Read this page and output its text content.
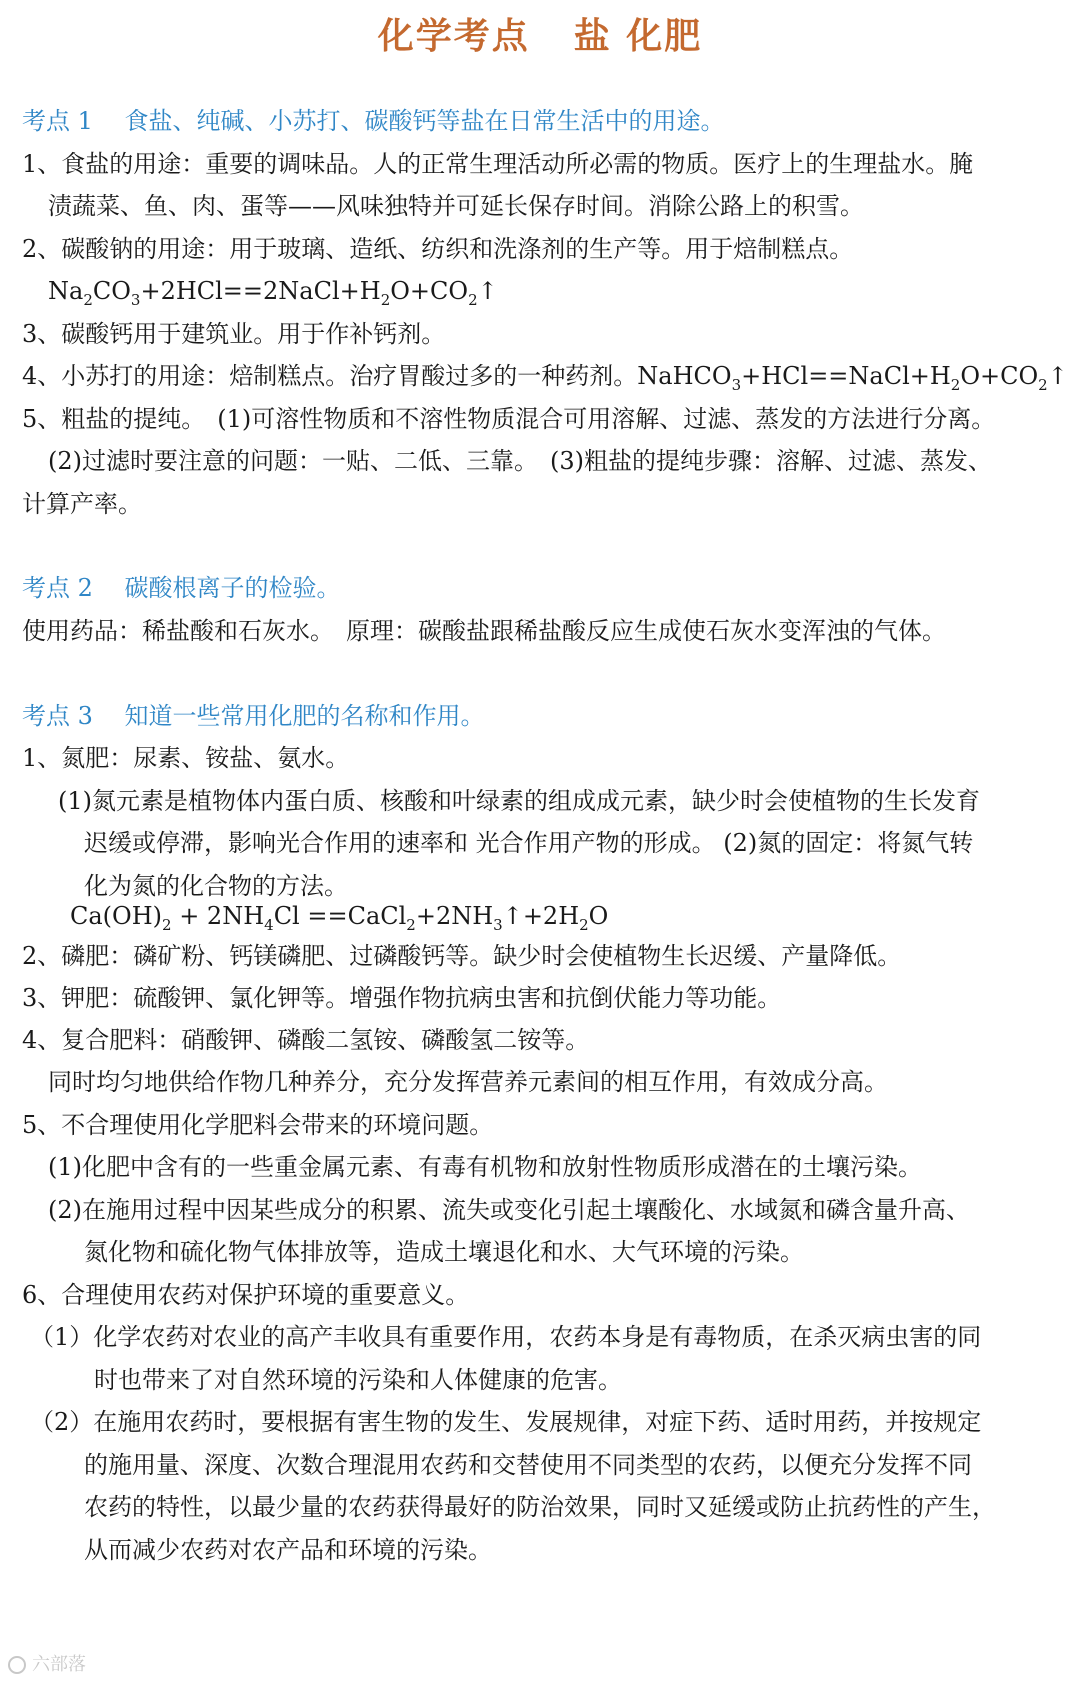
化学考点 盐 化肥
考点 1　 食盐、纯碱、小苏打、碳酸钙等盐在日常生活中的用途。
1、食盐的用途：重要的调味品。人的正常生理活动所必需的物质。医疗上的生理盐水。腌
渍蔬菜、鱼、肉、蛋等——风味独特并可延长保存时间。消除公路上的积雪。
2、碳酸钠的用途：用于玻璃、造纸、纺织和洗涤剂的生产等。用于焙制糕点。
$Na_2CO_3+2HCl==2NaCl+H_2O+CO_2↑$
3、碳酸钙用于建筑业。用于作补钙剂。
4、小苏打的用途：焙制糕点。治疗胃酸过多的一种药剂。$NaHCO_3+HCl==NaCl+H_2O+CO_2↑$
5、粗盐的提纯。　(1)可溶性物质和不溶性物质混合可用溶解、过滤、蒸发的方法进行分离。
(2)过滤时要注意的问题：一贴、二低、三靠。　(3)粗盐的提纯步骤：溶解、过滤、蒸发、
计算产率。
考点 2　 碳酸根离子的检验。
使用药品：稀盐酸和石灰水。　原理：碳酸盐跟稀盐酸反应生成使石灰水变浑浊的气体。
考点 3　 知道一些常用化肥的名称和作用。
1、氮肥：尿素、铵盐、氨水。
(1)氮元素是植物体内蛋白质、核酸和叶绿素的组成成元素，缺少时会使植物的生长发育
迟缓或停滞，影响光合作用的速率和 光合作用产物的形成。 (2)氮的固定：将氮气转
化为氮的化合物的方法。
$Ca(OH)_2 + 2NH_4Cl$ $==CaCl_2+2NH_3↑+2H_2O$
2、磷肥：磷矿粉、钙镁磷肥、过磷酸钙等。缺少时会使植物生长迟缓、产量降低。
3、钾肥：硫酸钾、氯化钾等。增强作物抗病虫害和抗倒伏能力等功能。
4、复合肥料：硝酸钾、磷酸二氢铵、磷酸氢二铵等。
同时均匀地供给作物几种养分，充分发挥营养元素间的相互作用，有效成分高。
5、不合理使用化学肥料会带来的环境问题。
(1)化肥中含有的一些重金属元素、有毒有机物和放射性物质形成潜在的土壤污染。
(2)在施用过程中因某些成分的积累、流失或变化引起土壤酸化、水域氮和磷含量升高、
氮化物和硫化物气体排放等，造成土壤退化和水、大气环境的污染。
6、合理使用农药对保护环境的重要意义。
（1）化学农药对农业的高产丰收具有重要作用，农药本身是有毒物质，在杀灭病虫害的同
时也带来了对自然环境的污染和人体健康的危害。
（2）在施用农药时，要根据有害生物的发生、发展规律，对症下药、适时用药，并按规定
的施用量、深度、次数合理混用农药和交替使用不同类型的农药，以便充分发挥不同
农药的特性，以最少量的农药获得最好的防治效果，同时又延缓或防止抗药性的产生，
从而减少农药对农产品和环境的污染。
六部落
